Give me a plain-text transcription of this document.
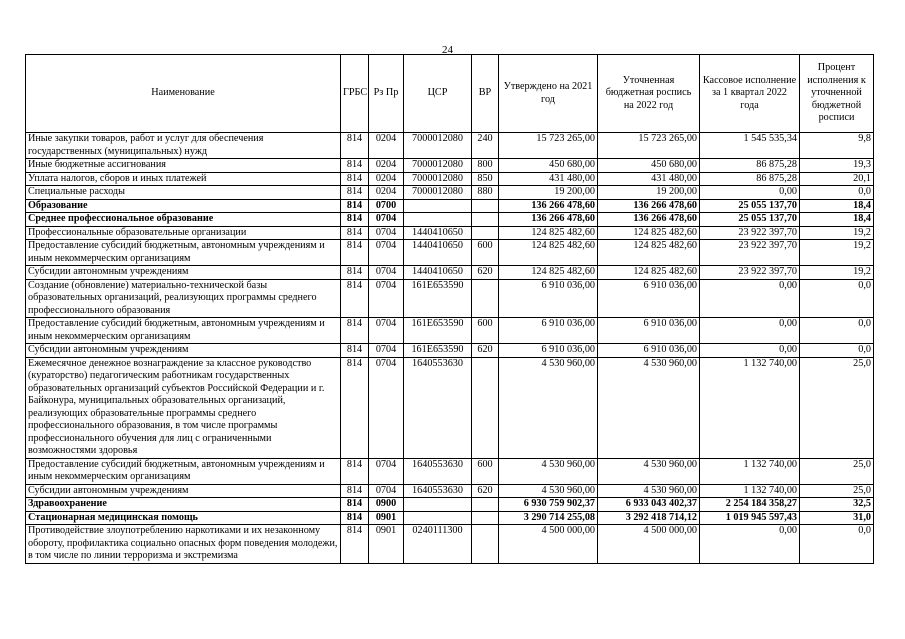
24
Наименование	ГРБС	Рз Пр	ЦСР	ВР	Утверждено на 2021 год	Уточненная бюджетная роспись на 2022 год	Кассовое исполнение за 1 квартал 2022 года	Процент исполнения к уточненной бюджетной росписи
Иные закупки товаров, работ и услуг для обеспечения государственных (муниципальных) нужд	814	0204	7000012080	240	15 723 265,00	15 723 265,00	1 545 535,34	9,8
Иные бюджетные ассигнования	814	0204	7000012080	800	450 680,00	450 680,00	86 875,28	19,3
Уплата налогов, сборов и иных платежей	814	0204	7000012080	850	431 480,00	431 480,00	86 875,28	20,1
Специальные расходы	814	0204	7000012080	880	19 200,00	19 200,00	0,00	0,0
Образование	814	0700			136 266 478,60	136 266 478,60	25 055 137,70	18,4
Среднее профессиональное образование	814	0704			136 266 478,60	136 266 478,60	25 055 137,70	18,4
Профессиональные образовательные организации	814	0704	1440410650		124 825 482,60	124 825 482,60	23 922 397,70	19,2
Предоставление субсидий бюджетным, автономным учреждениям и иным некоммерческим организациям	814	0704	1440410650	600	124 825 482,60	124 825 482,60	23 922 397,70	19,2
Субсидии автономным учреждениям	814	0704	1440410650	620	124 825 482,60	124 825 482,60	23 922 397,70	19,2
Создание (обновление) материально-технической базы образовательных организаций, реализующих программы среднего профессионального образования	814	0704	161Е653590		6 910 036,00	6 910 036,00	0,00	0,0
Предоставление субсидий бюджетным, автономным учреждениям и иным некоммерческим организациям	814	0704	161Е653590	600	6 910 036,00	6 910 036,00	0,00	0,0
Субсидии автономным учреждениям	814	0704	161Е653590	620	6 910 036,00	6 910 036,00	0,00	0,0
Ежемесячное денежное вознаграждение за классное руководство (кураторство) педагогическим работникам государственных образовательных организаций субъектов Российской Федерации и г. Байконура, муниципальных образовательных организаций, реализующих образовательные программы среднего профессионального образования, в том числе программы профессионального обучения для лиц с ограниченными возможностями здоровья	814	0704	1640553630		4 530 960,00	4 530 960,00	1 132 740,00	25,0
Предоставление субсидий бюджетным, автономным учреждениям и иным некоммерческим организациям	814	0704	1640553630	600	4 530 960,00	4 530 960,00	1 132 740,00	25,0
Субсидии автономным учреждениям	814	0704	1640553630	620	4 530 960,00	4 530 960,00	1 132 740,00	25,0
Здравоохранение	814	0900			6 930 759 902,37	6 933 043 402,37	2 254 184 358,27	32,5
Стационарная медицинская помощь	814	0901			3 290 714 255,08	3 292 418 714,12	1 019 945 597,43	31,0
Противодействие злоупотреблению наркотиками и их незаконному обороту, профилактика социально опасных форм поведения молодежи, в том числе по линии терроризма и экстремизма	814	0901	0240111300		4 500 000,00	4 500 000,00	0,00	0,0
